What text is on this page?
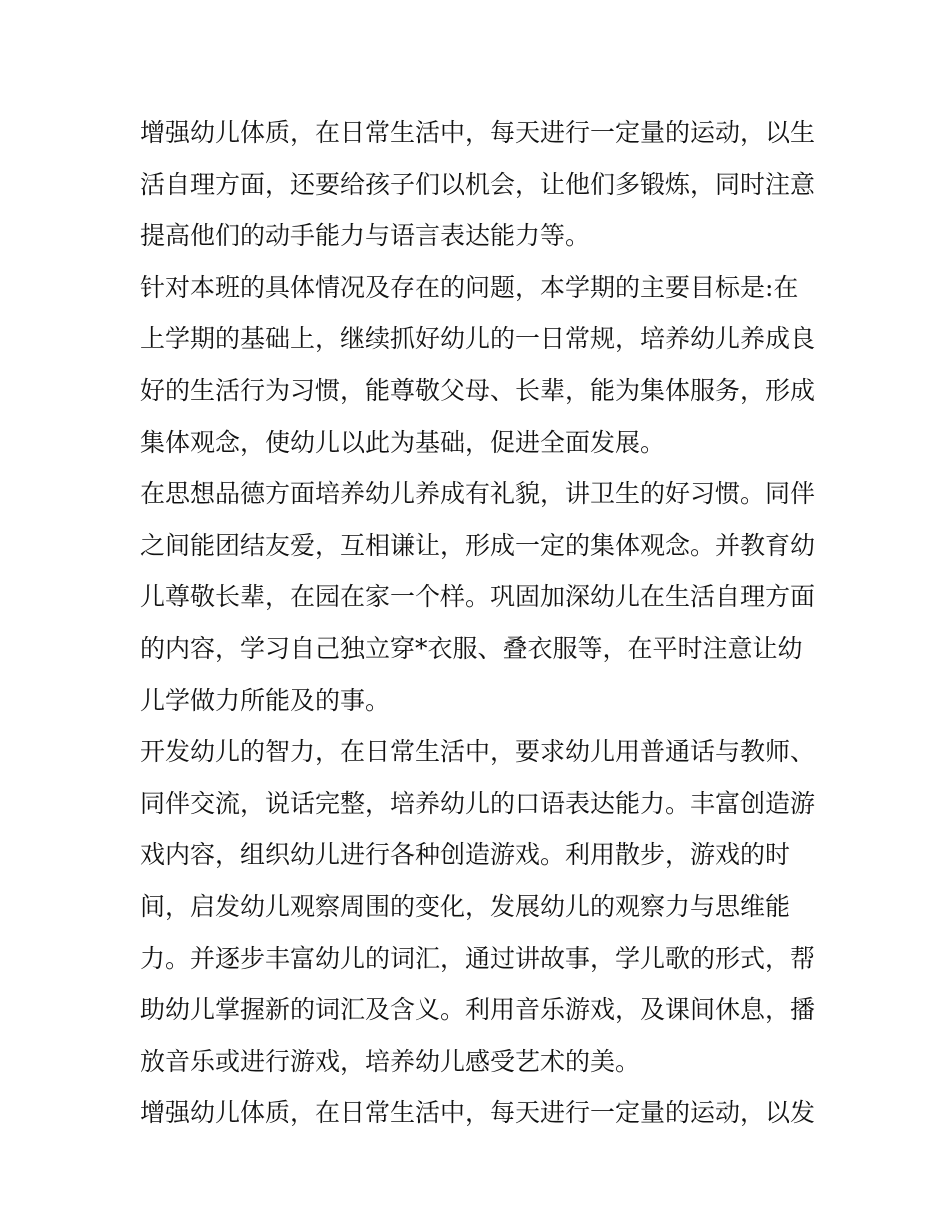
增强幼儿体质，在日常生活中，每天进行一定量的运动，以生
活自理方面，还要给孩子们以机会，让他们多锻炼，同时注意
提高他们的动手能力与语言表达能力等。
针对本班的具体情况及存在的问题，本学期的主要目标是:在
上学期的基础上，继续抓好幼儿的一日常规，培养幼儿养成良
好的生活行为习惯，能尊敬父母、长辈，能为集体服务，形成
集体观念，使幼儿以此为基础，促进全面发展。
在思想品德方面培养幼儿养成有礼貌，讲卫生的好习惯。同伴
之间能团结友爱，互相谦让，形成一定的集体观念。并教育幼
儿尊敬长辈，在园在家一个样。巩固加深幼儿在生活自理方面
的内容，学习自己独立穿*衣服、叠衣服等，在平时注意让幼
儿学做力所能及的事。
开发幼儿的智力，在日常生活中，要求幼儿用普通话与教师、
同伴交流，说话完整，培养幼儿的口语表达能力。丰富创造游
戏内容，组织幼儿进行各种创造游戏。利用散步，游戏的时
间，启发幼儿观察周围的变化，发展幼儿的观察力与思维能
力。并逐步丰富幼儿的词汇，通过讲故事，学儿歌的形式，帮
助幼儿掌握新的词汇及含义。利用音乐游戏，及课间休息，播
放音乐或进行游戏，培养幼儿感受艺术的美。
增强幼儿体质，在日常生活中，每天进行一定量的运动，以发
